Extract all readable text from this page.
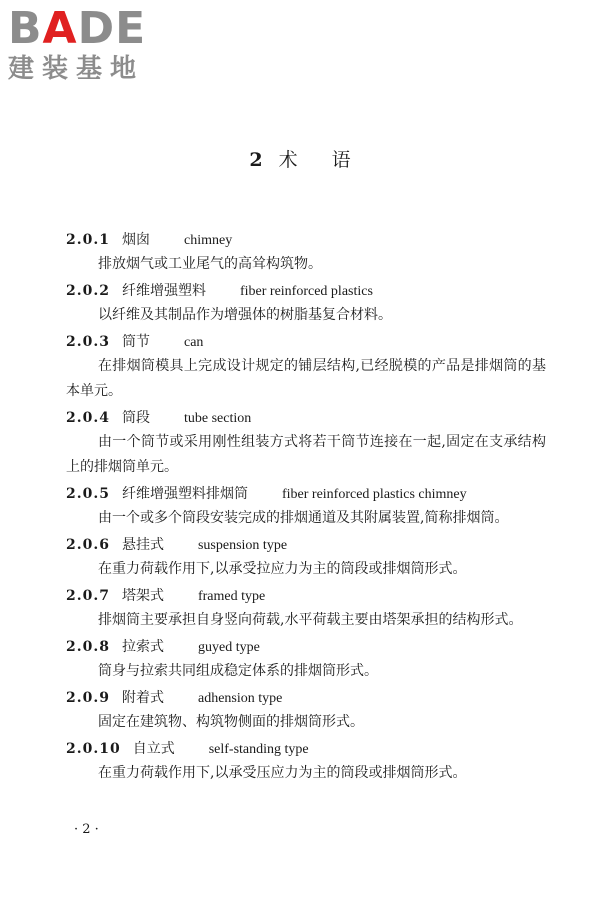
BADE
建装基地
2 术 语
2.0.1 烟囱 chimney

排放烟气或工业尾气的高耸构筑物。

2.0.2 纤维增强塑料 fiber reinforced plastics

以纤维及其制品作为增强体的树脂基复合材料。

2.0.3 筒节 can

在排烟筒模具上完成设计规定的铺层结构,已经脱模的产品是排烟筒的基本单元。

2.0.4 筒段 tube section

由一个筒节或采用刚性组装方式将若干筒节连接在一起,固定在支承结构上的排烟筒单元。

2.0.5 纤维增强塑料排烟筒 fiber reinforced plastics chimney

由一个或多个筒段安装完成的排烟通道及其附属装置,简称排烟筒。

2.0.6 悬挂式 suspension type

在重力荷载作用下,以承受拉应力为主的筒段或排烟筒形式。

2.0.7 塔架式 framed type

排烟筒主要承担自身竖向荷载,水平荷载主要由塔架承担的结构形式。

2.0.8 拉索式 guyed type

筒身与拉索共同组成稳定体系的排烟筒形式。

2.0.9 附着式 adhension type

固定在建筑物、构筑物侧面的排烟筒形式。

2.0.10 自立式 self-standing type

在重力荷载作用下,以承受压应力为主的筒段或排烟筒形式。

· 2 ·
